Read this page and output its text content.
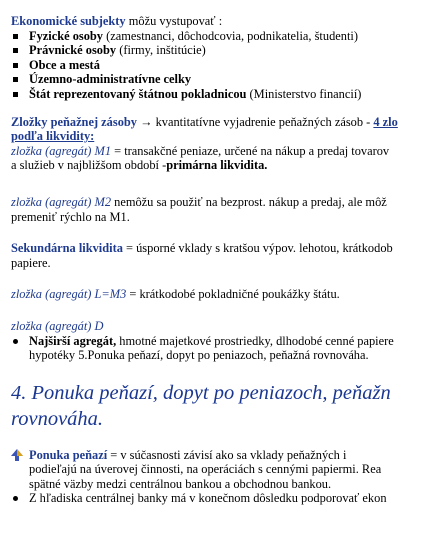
Ekonomické subjekty môžu vystupovať :

Fyzické osoby (zamestnanci, dôchodcovia, podnikatelia, študenti)
Právnické osoby (firmy, inštitúcie)
Obce a mestá
Územno-administratívne celky
Štát reprezentovaný štátnou pokladnicou (Ministerstvo financií)

Zložky peňažnej zásoby → kvantitatívne vyjadrenie peňažných zásob - 4 zlo

podľa likvidity:

zložka (agregát) M1 = transakčné peniaze, určené na nákup a predaj tovarov

a služieb v najbližšom období -primárna likvidita.

zložka (agregát) M2 nemôžu sa použiť na bezprost. nákup a predaj, ale môž

premeniť rýchlo na M1.

Sekundárna likvidita = úsporné vklady s kratšou výpov. lehotou, krátkodob

papiere.

zložka (agregát) L=M3 = krátkodobé pokladničné poukážky štátu.

zložka (agregát) D

Najširší agregát, hmotné majetkové prostriedky, dlhodobé cenné papiere

hypotéky 5.Ponuka peňazí, dopyt po peniazoch, peňažná rovnováha.

4. Ponuka peňazí, dopyt po peniazoch, peňažn
rovnováha.

Ponuka peňazí = v súčasnosti závisí ako sa vklady peňažných i

podieľajú na úverovej činnosti, na operáciách s cennými papiermi. Rea

spätné väzby medzi centrálnou bankou a obchodnou bankou.

Z hľadiska centrálnej banky má v konečnom dôsledku podporovať ekon
